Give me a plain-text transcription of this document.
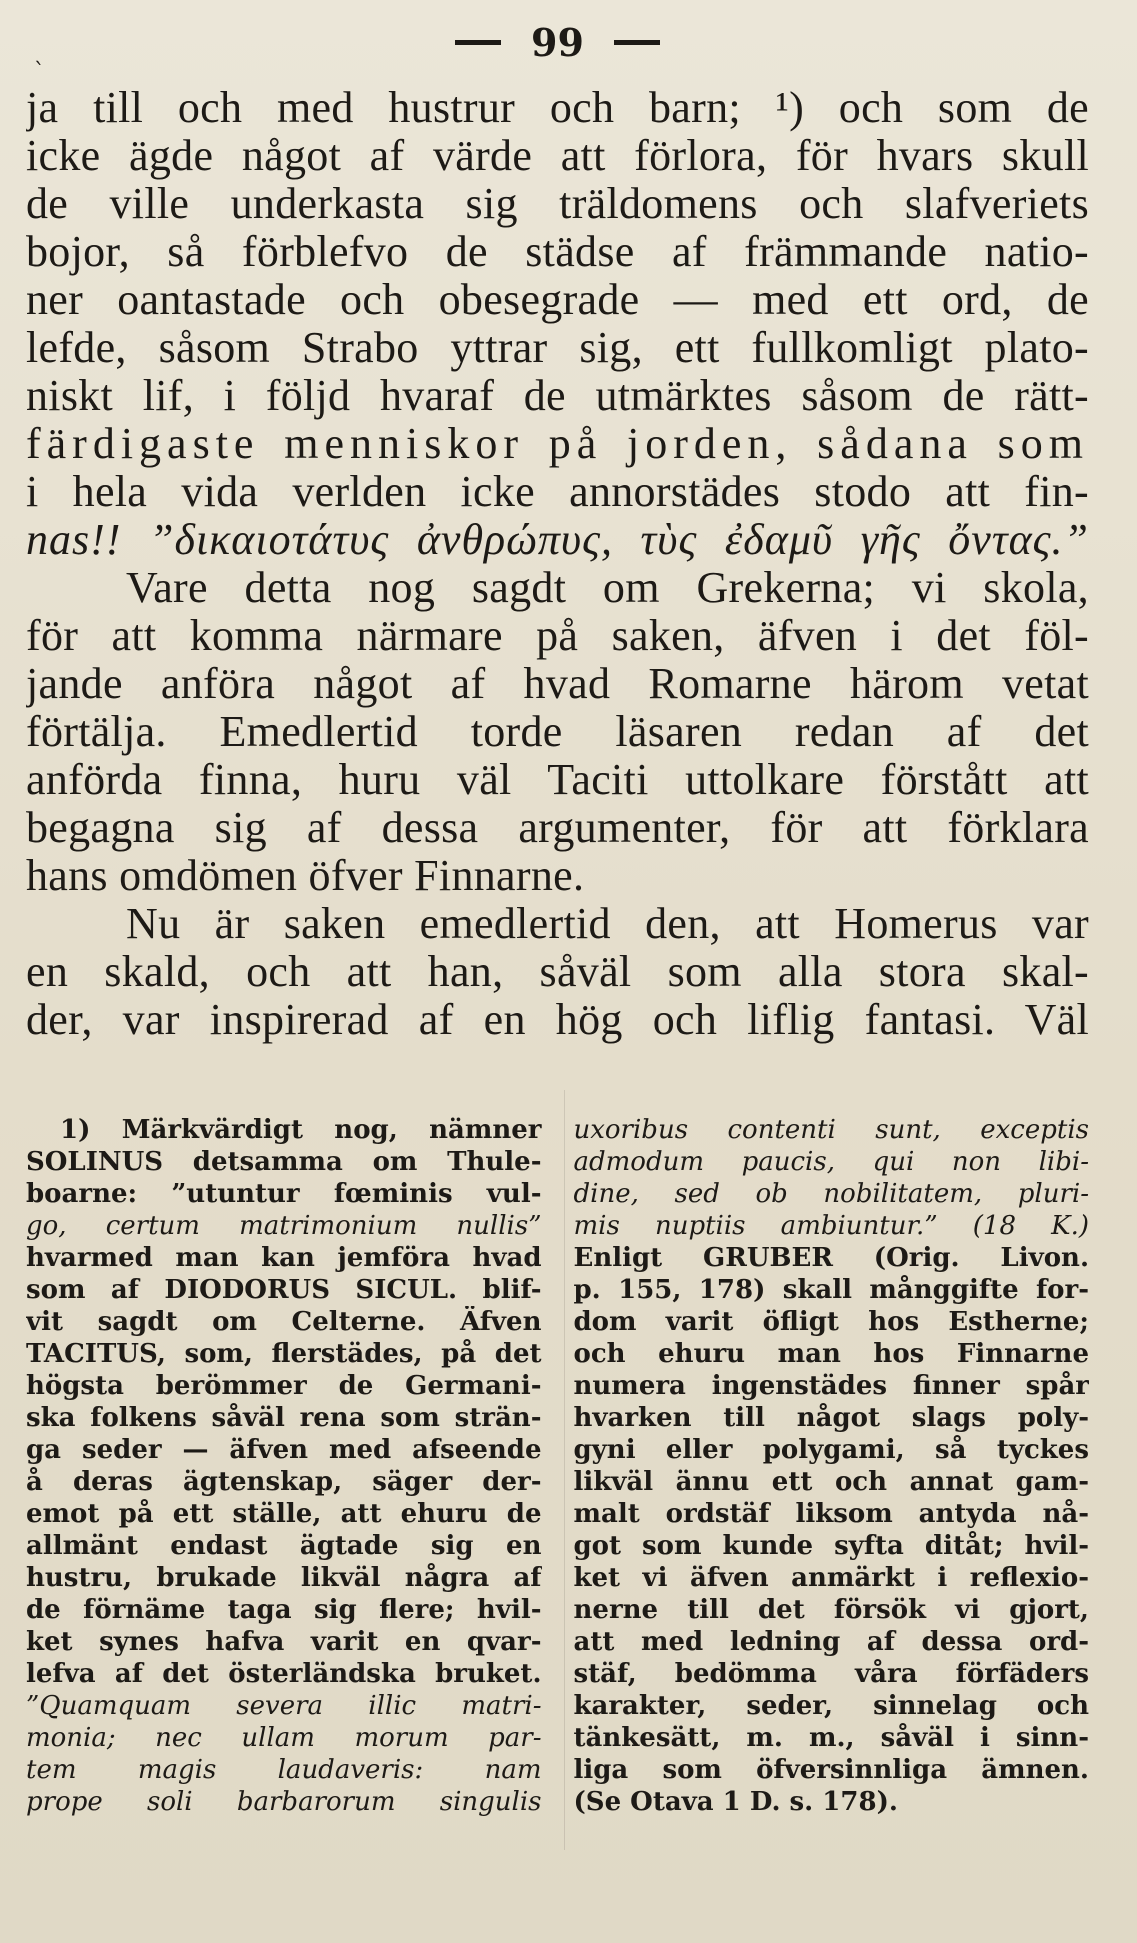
99
`
ja till och med hustrur och barn; ¹) och som de
icke ägde något af värde att förlora, för hvars skull
de ville underkasta sig träldomens och slafveriets
bojor, så förblefvo de städse af främmande natio-
ner oantastade och obesegrade — med ett ord, de
lefde, såsom Strabo yttrar sig, ett fullkomligt plato-
niskt lif, i följd hvaraf de utmärktes såsom de rätt-
färdigaste menniskor på jorden, sådana som
i hela vida verlden icke annorstädes stodo att fin-
nas!! ”δικαιοτάτυς ἀνθρώπυς, τὺς ἐδαμῦ γῆς ὄντας.”
Vare detta nog sagdt om Grekerna; vi skola,
för att komma närmare på saken, äfven i det föl-
jande anföra något af hvad Romarne härom vetat
förtälja. Emedlertid torde läsaren redan af det
anförda finna, huru väl Taciti uttolkare förstått att
begagna sig af dessa argumenter, för att förklara
hans omdömen öfver Finnarne.
Nu är saken emedlertid den, att Homerus var
en skald, och att han, såväl som alla stora skal-
der, var inspirerad af en hög och liflig fantasi. Väl
1) Märkvärdigt nog, nämner
SOLINUS detsamma om Thule-
boarne: ”utuntur fœminis vul-
go, certum matrimonium nullis”
hvarmed man kan jemföra hvad
som af DIODORUS SICUL. blif-
vit sagdt om Celterne. Äfven
TACITUS, som, flerstädes, på det
högsta berömmer de Germani-
ska folkens såväl rena som strän-
ga seder — äfven med afseende
å deras ägtenskap, säger der-
emot på ett ställe, att ehuru de
allmänt endast ägtade sig en
hustru, brukade likväl några af
de förnäme taga sig flere; hvil-
ket synes hafva varit en qvar-
lefva af det österländska bruket.
”Quamquam severa illic matri-
monia; nec ullam morum par-
tem magis laudaveris: nam
prope soli barbarorum singulis
uxoribus contenti sunt, exceptis
admodum paucis, qui non libi-
dine, sed ob nobilitatem, pluri-
mis nuptiis ambiuntur.” (18 K.)
Enligt GRUBER (Orig. Livon.
p. 155, 178) skall månggifte for-
dom varit öfligt hos Estherne;
och ehuru man hos Finnarne
numera ingenstädes finner spår
hvarken till något slags poly-
gyni eller polygami, så tyckes
likväl ännu ett och annat gam-
malt ordstäf liksom antyda nå-
got som kunde syfta ditåt; hvil-
ket vi äfven anmärkt i reflexio-
nerne till det försök vi gjort,
att med ledning af dessa ord-
stäf, bedömma våra förfäders
karakter, seder, sinnelag och
tänkesätt, m. m., såväl i sinn-
liga som öfversinnliga ämnen.
(Se Otava 1 D. s. 178).
